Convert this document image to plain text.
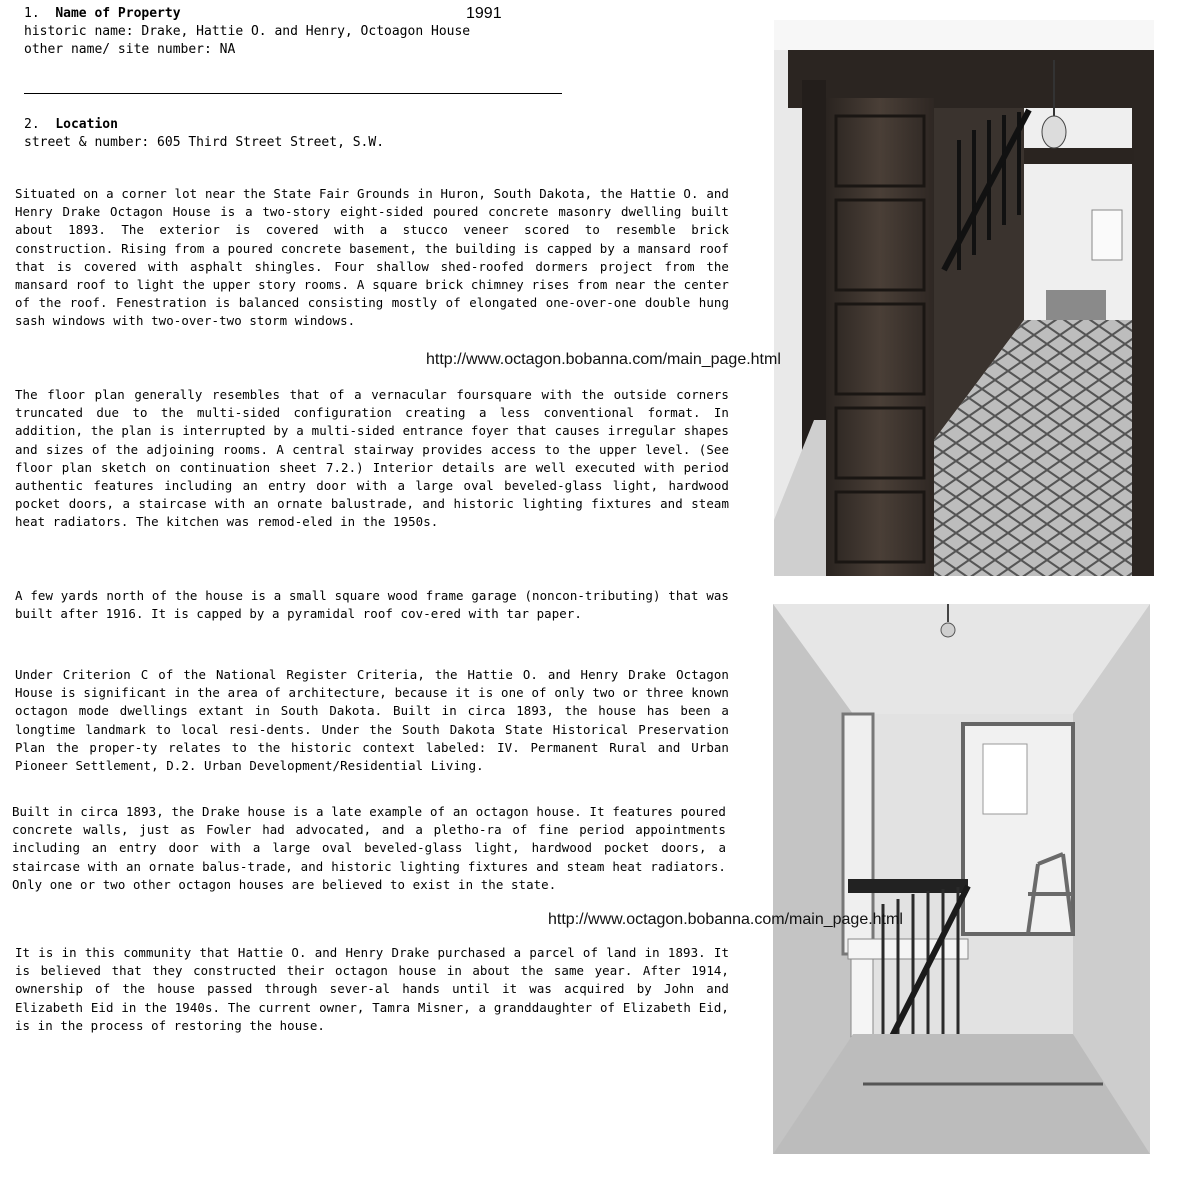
1991
1. Name of Property
historic name: Drake, Hattie O. and Henry, Octoagon House
other name/ site number: NA
2. Location
street & number: 605 Third Street Street, S.W.
Situated on a corner lot near the State Fair Grounds in Huron, South Dakota, the Hattie O. and Henry Drake Octagon House is a two-story eight-sided poured concrete masonry dwelling built about 1893. The exterior is covered with a stucco veneer scored to resemble brick construction. Rising from a poured concrete basement, the building is capped by a mansard roof that is covered with asphalt shingles. Four shallow shed-roofed dormers project from the mansard roof to light the upper story rooms. A square brick chimney rises from near the center of the roof. Fenestration is balanced consisting mostly of elongated one-over-one double hung sash windows with two-over-two storm windows.
The floor plan generally resembles that of a vernacular foursquare with the outside corners truncated due to the multi-sided configuration creating a less conventional format. In addition, the plan is interrupted by a multi-sided entrance foyer that causes irregular shapes and sizes of the adjoining rooms. A central stairway provides access to the upper level. (See floor plan sketch on continuation sheet 7.2.) Interior details are well executed with period authentic features including an entry door with a large oval beveled-glass light, hardwood pocket doors, a staircase with an ornate balustrade, and historic lighting fixtures and steam heat radiators. The kitchen was remod-eled in the 1950s.
A few yards north of the house is a small square wood frame garage (noncon-tributing) that was built after 1916. It is capped by a pyramidal roof cov-ered with tar paper.
Under Criterion C of the National Register Criteria, the Hattie O. and Henry Drake Octagon House is significant in the area of architecture, because it is one of only two or three known octagon mode dwellings extant in South Dakota. Built in circa 1893, the house has been a longtime landmark to local resi-dents. Under the South Dakota State Historical Preservation Plan the proper-ty relates to the historic context labeled: IV. Permanent Rural and Urban Pioneer Settlement, D.2. Urban Development/Residential Living.
Built in circa 1893, the Drake house is a late example of an octagon house. It features poured concrete walls, just as Fowler had advocated, and a pletho-ra of fine period appointments including an entry door with a large oval beveled-glass light, hardwood pocket doors, a staircase with an ornate balus-trade, and historic lighting fixtures and steam heat radiators. Only one or two other octagon houses are believed to exist in the state.
It is in this community that Hattie O. and Henry Drake purchased a parcel of land in 1893. It is believed that they constructed their octagon house in about the same year. After 1914, ownership of the house passed through sever-al hands until it was acquired by John and Elizabeth Eid in the 1940s. The current owner, Tamra Misner, a granddaughter of Elizabeth Eid, is in the process of restoring the house.
http://www.octagon.bobanna.com/main_page.html
http://www.octagon.bobanna.com/main_page.html
